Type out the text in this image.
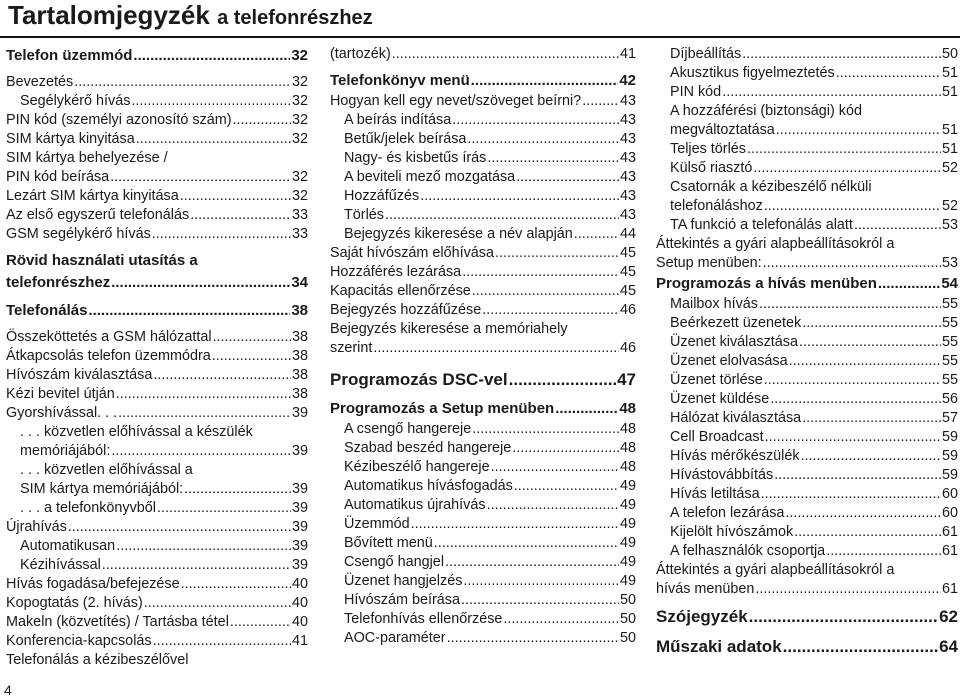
Tartalomjegyzék a telefonrészhez
Telefon üzemmód .....	32
Bevezetés .....	32
Segélykérő hívás .....	32
PIN kód (személyi azonosító szám) .....	32
SIM kártya kinyitása .....	32
SIM kártya behelyezése /
PIN kód beírása .....	32
Lezárt SIM kártya kinyitása .....	32
Az első egyszerű telefonálás .....	33
GSM segélykérő hívás .....	33
Rövid használati utasítás a
telefonrészhez .....	34
Telefonálás .....	38
Összeköttetés a GSM hálózattal .....	38
Átkapcsolás telefon üzemmódra .....	38
Hívószám kiválasztása .....	38
Kézi bevitel útján .....	38
Gyorshívással. . . .....	39
. . . közvetlen előhívással a készülék
memóriájából: .....	39
. . . közvetlen előhívással a
SIM kártya memóriájából: .....	39
. . . a telefonkönyvből .....	39
Újrahívás .....	39
Automatikusan .....	39
Kézihívással .....	39
Hívás fogadása/befejezése .....	40
Kopogtatás (2. hívás) .....	40
Makeln (közvetítés) / Tartásba tétel .....	40
Konferencia-kapcsolás .....	41
Telefonálás a kézibeszélővel
(tartozék) .....	41
Telefonkönyv menü .....	42
Hogyan kell egy nevet/szöveget beírni? .....	43
A beírás indítása .....	43
Betűk/jelek beírása .....	43
Nagy- és kisbetűs írás .....	43
A beviteli mező mozgatása .....	43
Hozzáfűzés .....	43
Törlés .....	43
Bejegyzés kikeresése a név alapján .....	44
Saját hívószám előhívása .....	45
Hozzáférés lezárása .....	45
Kapacitás ellenőrzése .....	45
Bejegyzés hozzáfűzése .....	46
Bejegyzés kikeresése a memóriahely
szerint .....	46
Programozás DSC-vel .....	47
Programozás a Setup menüben .....	48
A csengő hangereje .....	48
Szabad beszéd hangereje .....	48
Kézibeszélő hangereje .....	48
Automatikus hívásfogadás .....	49
Automatikus újrahívás .....	49
Üzemmód .....	49
Bővített menü .....	49
Csengő hangjel .....	49
Üzenet hangjelzés .....	49
Hívószám beírása .....	50
Telefonhívás ellenőrzése .....	50
AOC-paraméter .....	50
Díjbeállítás .....	50
Akusztikus figyelmeztetés .....	51
PIN kód .....	51
A hozzáférési (biztonsági) kód
megváltoztatása .....	51
Teljes törlés .....	51
Külső riasztó .....	52
Csatornák a kézibeszélő nélküli
telefonáláshoz .....	52
TA funkció a telefonálás alatt .....	53
Áttekintés a gyári alapbeállításokról a
Setup menüben: .....	53
Programozás a hívás menüben .....	54
Mailbox hívás .....	55
Beérkezett üzenetek .....	55
Üzenet kiválasztása .....	55
Üzenet elolvasása .....	55
Üzenet törlése .....	55
Üzenet küldése .....	56
Hálózat kiválasztása .....	57
Cell Broadcast .....	59
Hívás mérőkészülék .....	59
Hívástovábbítás .....	59
Hívás letiltása .....	60
A telefon lezárása .....	60
Kijelölt hívószámok .....	61
A felhasználók csoportja .....	61
Áttekintés a gyári alapbeállításokról a
hívás menüben .....	61
Szójegyzék .....	62
Műszaki adatok .....	64
4
